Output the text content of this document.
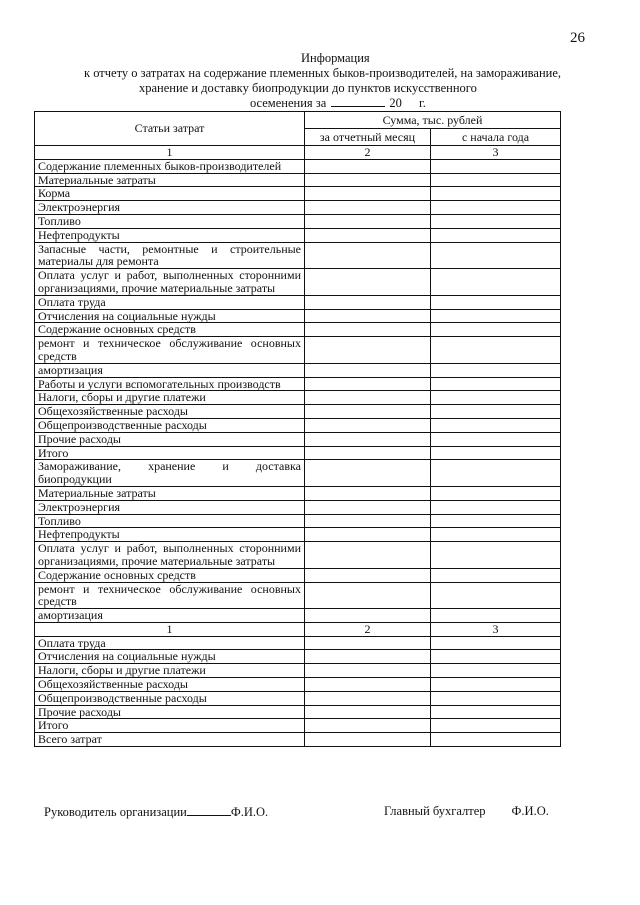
26
Информация
к отчету о затратах на содержание племенных быков-производителей, на замораживание,
хранение и доставку биопродукции до пунктов искусственного
осеменения за	20 г.
Статьи затрат	Сумма, тыс. рублей	
	за отчетный месяц	с начала года
1	2	3
Содержание племенных быков-производителей		
Материальные затраты		
Корма		
Электроэнергия		
Топливо		
Нефтепродукты		
Запасные части, ремонтные и строительные материалы для ремонта		
Оплата услуг и работ, выполненных сторонними организациями, прочие материальные затраты		
Оплата труда		
Отчисления на социальные нужды		
Содержание основных средств		
ремонт и техническое обслуживание основных средств		
амортизация		
Работы и услуги вспомогательных производств		
Налоги, сборы и другие платежи		
Общехозяйственные расходы		
Общепроизводственные расходы		
Прочие расходы		
Итого		
Замораживание, хранение и доставка биопродукции		
Материальные затраты		
Электроэнергия		
Топливо		
Нефтепродукты		
Оплата услуг и работ, выполненных сторонними организациями, прочие материальные затраты		
Содержание основных средств		
ремонт и техническое обслуживание основных средств		
амортизация		
1	2	3
Оплата труда		
Отчисления на социальные нужды		
Налоги, сборы и другие платежи		
Общехозяйственные расходы		
Общепроизводственные расходы		
Прочие расходы		
Итого		
Всего затрат		
Руководитель организации	Ф.И.О.	Главный бухгалтер Ф.И.О.
